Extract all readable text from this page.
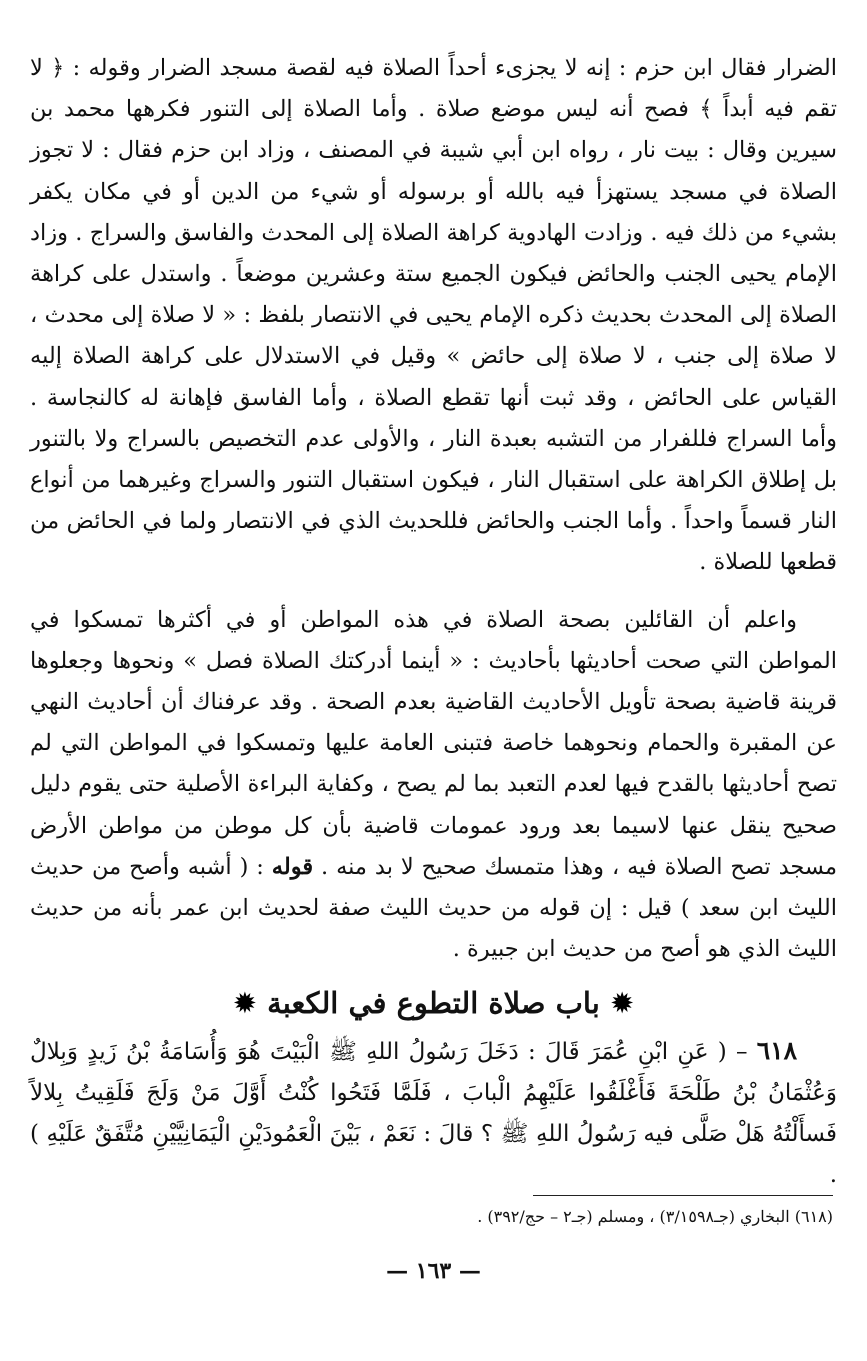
الضرار فقال ابن حزم : إنه لا يجزىء أحداً الصلاة فيه لقصة مسجد الضرار وقوله : ﴿ لا تقم فيه أبداً ﴾ فصح أنه ليس موضع صلاة . وأما الصلاة إلى التنور فكرهها محمد بن سيرين وقال : بيت نار ، رواه ابن أبي شيبة في المصنف ، وزاد ابن حزم فقال : لا تجوز الصلاة في مسجد يستهزأ فيه بالله أو برسوله أو شيء من الدين أو في مكان يكفر بشيء من ذلك فيه . وزادت الهادوية كراهة الصلاة إلى المحدث والفاسق والسراج . وزاد الإمام يحيى الجنب والحائض فيكون الجميع ستة وعشرين موضعاً . واستدل على كراهة الصلاة إلى المحدث بحديث ذكره الإمام يحيى في الانتصار بلفظ : « لا صلاة إلى محدث ، لا صلاة إلى جنب ، لا صلاة إلى حائض » وقيل في الاستدلال على كراهة الصلاة إليه القياس على الحائض ، وقد ثبت أنها تقطع الصلاة ، وأما الفاسق فإهانة له كالنجاسة . وأما السراج فللفرار من التشبه بعبدة النار ، والأولى عدم التخصيص بالسراج ولا بالتنور بل إطلاق الكراهة على استقبال النار ، فيكون استقبال التنور والسراج وغيرهما من أنواع النار قسماً واحداً . وأما الجنب والحائض فللحديث الذي في الانتصار ولما في الحائض من قطعها للصلاة .

واعلم أن القائلين بصحة الصلاة في هذه المواطن أو في أكثرها تمسكوا في المواطن التي صحت أحاديثها بأحاديث : « أينما أدركتك الصلاة فصل » ونحوها وجعلوها قرينة قاضية بصحة تأويل الأحاديث القاضية بعدم الصحة . وقد عرفناك أن أحاديث النهي عن المقبرة والحمام ونحوهما خاصة فتبنى العامة عليها وتمسكوا في المواطن التي لم تصح أحاديثها بالقدح فيها لعدم التعبد بما لم يصح ، وكفاية البراءة الأصلية حتى يقوم دليل صحيح ينقل عنها لاسيما بعد ورود عمومات قاضية بأن كل موطن من مواطن الأرض مسجد تصح الصلاة فيه ، وهذا متمسك صحيح لا بد منه . قوله : ( أشبه وأصح من حديث الليث ابن سعد ) قيل : إن قوله من حديث الليث صفة لحديث ابن عمر بأنه من حديث الليث الذي هو أصح من حديث ابن جبيرة .

✹ باب صلاة التطوع في الكعبة ✹

٦١٨ – ( عَنِ ابْنِ عُمَرَ قَالَ : دَخَلَ رَسُولُ اللهِ ﷺ الْبَيْتَ هُوَ وَأُسَامَةُ بْنُ زَيدٍ وَبِلالٌ وَعُثْمَانُ بْنُ طَلْحَةَ فَأَغْلَقُوا عَلَيْهِمُ الْبابَ ، فَلَمَّا فَتَحُوا كُنْتُ أَوَّلَ مَنْ وَلَجَ فَلَقِيتُ بِلالاً فَسأَلْتُهُ هَلْ صَلَّى فيه رَسُولُ اللهِ ﷺ ؟ قالَ : نَعَمْ ، بَيْنَ الْعَمُودَيْنِ الْيَمَانِيَّيْنِ مُتَّفَقٌ عَلَيْهِ ) .

(٦١٨) البخاري (جـ٣/١٥٩٨) ، ومسلم (جـ٢ – حج/٣٩٢) .

— ١٦٣ —
